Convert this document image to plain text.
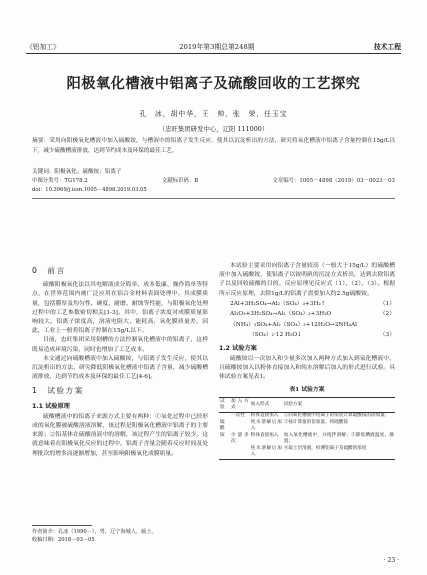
《铝加工》	2019年第3期总第248期	技术工程
阳极氧化槽液中铝离子及硫酸回收的工艺探究
孔　冰，胡中华，王　帅，张　荣，任玉宝
（忠旺集团研发中心，辽阳 111000）
摘要：采用向阳极氧化槽液中加入硫酸铵，与槽液中的铝离子发生反应，使其以沉淀析出的方法，研究将氧化槽液中铝离子含量控制在15g/L以下，减少硫酸槽液排放，达到节约成本及环保的最佳工艺。
关键词：阳极氧化；硫酸铵；铝离子
中图分类号：TG178.2	文献标识码：B	文章编号：1005－4898（2019）03－0023－03
doi：10.3969/j.issn.1005－4898.2019.03.05
0　前言

硫酸阳极氧化法以其电解液成分简单、成本低廉、操作简单等特点，在世界范围内被广泛应用在铝合金材料表面处理中。其成膜质量，包括膜厚及均匀性、硬度、耐磨、耐蚀等性能，与阳极氧化处理过程中的工艺参数密切相关[1-3]。其中，铝离子浓度对成膜质量影响较大。铝离子浓度高，溶液电阻大、能耗高，氧化膜质量差。因此，工业上一般将铝离子控制在15g/L以下。

目前，忠旺集团采用倒槽的方法控制氧化槽液中的铝离子，这样既易造成环境污染，同时也增加了工艺成本。

本文通过向硫酸槽液中加入硫酸铵，与铝离子发生反应，使其以沉淀析出的方法，研究降低阳极氧化槽液中铝离子含量，减少硫酸槽液排放，达到节约成本及环保的最佳工艺[4-6]。

1　试验方案
1.1 试验原理

硫酸槽液中的铝离子来源方式主要有两种：①氧化过程中已经形成的氧化膜被硫酸溶液溶解，该过程是阳极氧化槽液中铝离子的主要来源；②铝基体在硫酸溶液中的溶解，该过程产生的铝离子较少。这就意味着在阳极氧化反应的过程中，铝离子含量会随着反应时间及处理批次的增多而逐渐增加，甚至影响阳极氧化成膜质量。

本试验主要采用向铝离子含量较高（一般大于15g/L）的硫酸槽液中加入硫酸铵，使铝离子以铵明矾的沉淀方式析出，达到去除铝离子以及回收硫酸的目的。反应原理见反应式（1）、（2）、（3）。根据所示反应原理，去除1g/L的铝离子需要加入约2.5g硫酸铵。

2Al+3H₂SO₄→Al₂（SO₄）₃+3H₂↑	（1）
Al₂O₃+3H₂SO₄→Al₂（SO₄）₃+3H₂O	（2）
（NH₄）₂SO₄+Al₂（SO₄）₃+12H₂O→2NH₄Al
（SO₄）₂·12 H₂O↓	（3）
1.2 试验方案

硫酸铵以一次加入和少量多次加入两种方式加入到氧化槽液中，且硫酸铵加入以粉体直接加入和纯水溶解后加入的形式进行试验。具体试验方案见表1。

表1 试验方案
试验	加入方式	加入形式	试验方案
	一次性	粉体直接加入	①向氧化槽液中铝离子的浓度计算硫酸铵的添加量；
硫酸		纯水溶解后加入	②按计算值的倍加量，将硫酸铵
铵	少量多次	粉体直接加入	加入氧化槽液中，并搅拌溶解；③降低槽液温度，静置；
		纯水溶解后加入	④取上层清液，检测铝离子及硫酸的浓度
作者简介：孔冰（1990－），男，辽宁海城人，硕士。
收稿日期：2018－03－05
· 23 ·
